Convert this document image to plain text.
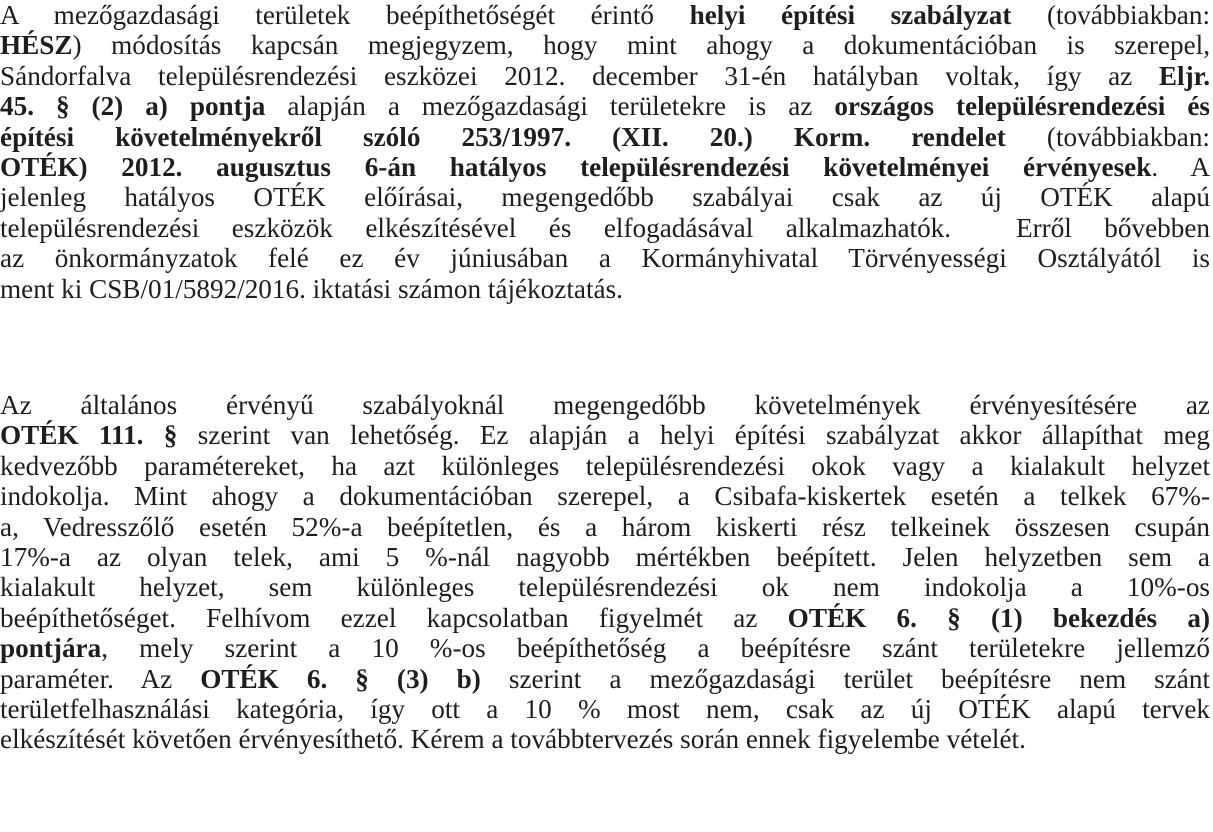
A mezőgazdasági területek beépíthetőségét érintő helyi építési szabályzat (továbbiakban:
HÉSZ) módosítás kapcsán megjegyzem, hogy mint ahogy a dokumentációban is szerepel,
Sándorfalva településrendezési eszközei 2012. december 31-én hatályban voltak, így az Eljr.
45. § (2) a) pontja alapján a mezőgazdasági területekre is az országos településrendezési és
építési követelményekről szóló 253/1997. (XII. 20.) Korm. rendelet (továbbiakban:
OTÉK) 2012. augusztus 6-án hatályos településrendezési követelményei érvényesek. A
jelenleg hatályos OTÉK előírásai, megengedőbb szabályai csak az új OTÉK alapú
településrendezési eszközök elkészítésével és elfogadásával alkalmazhatók.  Erről bővebben
az önkormányzatok felé ez év júniusában a Kormányhivatal Törvényességi Osztályától is
ment ki CSB/01/5892/2016. iktatási számon tájékoztatás.
Az általános érvényű szabályoknál megengedőbb követelmények érvényesítésére az
OTÉK 111. § szerint van lehetőség. Ez alapján a helyi építési szabályzat akkor állapíthat meg
kedvezőbb paramétereket, ha azt különleges településrendezési okok vagy a kialakult helyzet
indokolja. Mint ahogy a dokumentációban szerepel, a Csibafa-kiskertek esetén a telkek 67%-
a, Vedresszőlő esetén 52%-a beépítetlen, és a három kiskerti rész telkeinek összesen csupán
17%-a az olyan telek, ami 5 %-nál nagyobb mértékben beépített. Jelen helyzetben sem a
kialakult helyzet, sem különleges településrendezési ok nem indokolja a 10%-os
beépíthetőséget. Felhívom ezzel kapcsolatban figyelmét az OTÉK 6. § (1) bekezdés a)
pontjára, mely szerint a 10 %-os beépíthetőség a beépítésre szánt területekre jellemző
paraméter. Az OTÉK 6. § (3) b) szerint a mezőgazdasági terület beépítésre nem szánt
területfelhasználási kategória, így ott a 10 % most nem, csak az új OTÉK alapú tervek
elkészítését követően érvényesíthető. Kérem a továbbtervezés során ennek figyelembe vételét.
